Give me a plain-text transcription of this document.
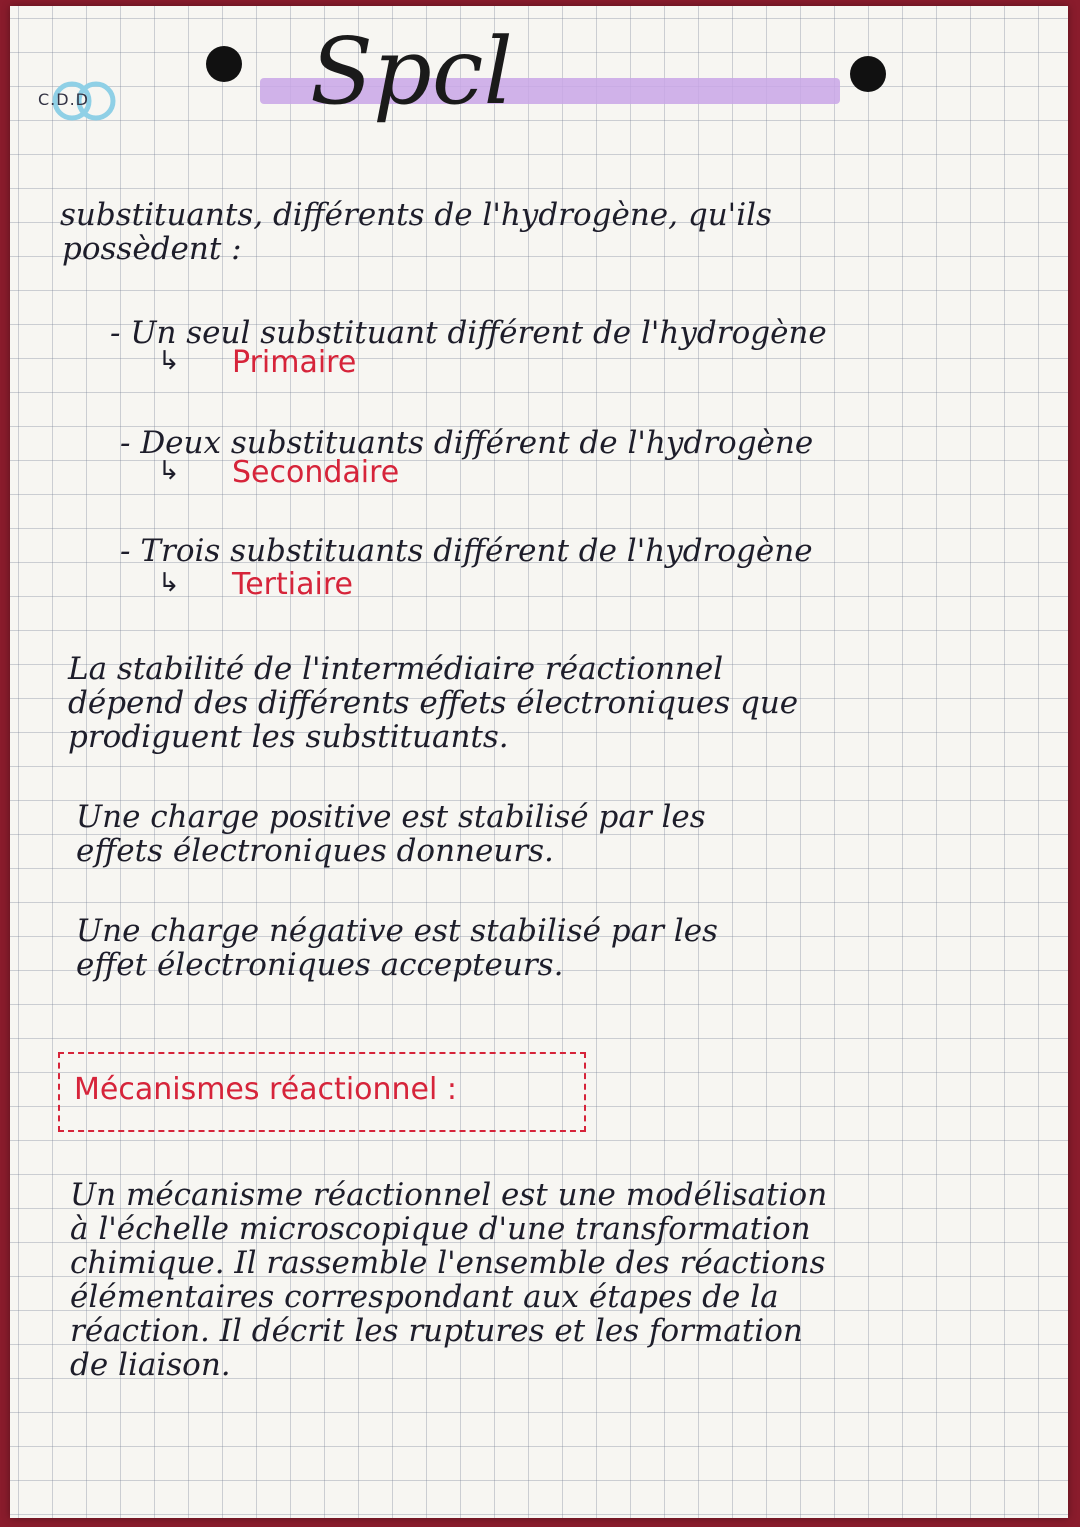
C.D.D Spcl
substituants, différents de l'hydrogène, qu'ils
possèdent :
- Un seul substituant différent de l'hydrogène
↳ Primaire
- Deux substituants différent de l'hydrogène
↳ Secondaire
- Trois substituants différent de l'hydrogène
↳ Tertiaire
La stabilité de l'intermédiaire réactionnel
dépend des différents effets électroniques que
prodiguent les substituants.
Une charge positive est stabilisé par les
effets électroniques donneurs.
Une charge négative est stabilisé par les
effet électroniques accepteurs.
Mécanismes réactionnel :
Un mécanisme réactionnel est une modélisation
à l'échelle microscopique d'une transformation
chimique. Il rassemble l'ensemble des réactions
élémentaires correspondant aux étapes de la
réaction. Il décrit les ruptures et les formation
de liaison.
